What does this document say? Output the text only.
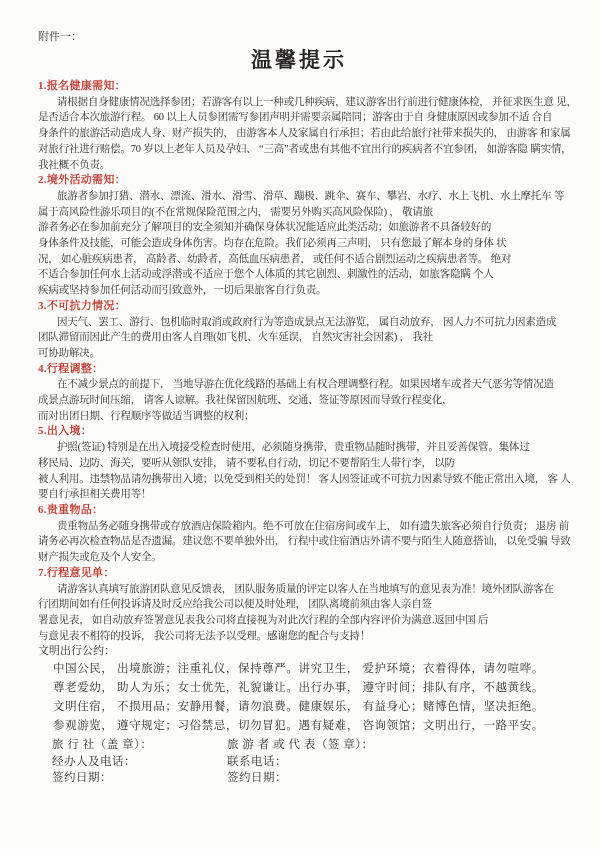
附件一：
温馨提示
1.报名健康需知：
请根据自身健康情况选择参团；若游客有以上一种或几种疾病，建议游客出行前进行健康体检， 并征求医生意 见，
是否适合本次旅游行程。 60 以上人员参团需写参团声明并需要亲属陪同；游客由于自 身健康原因或参加不适 合自
身条件的旅游活动造成人身、财产损失的， 由游客本人及家属自行承担；若由此给旅行社带来损失的， 由游客 和家属
对旅行社进行赔偿。70 岁以上老年人员及孕妇、 “三高”者或患有其他不宜出行的疾病者不宜参团， 如游客隐 瞒实情，
我社概不负责。
2.境外活动需知：
旅游者参加打猎、潜水、漂流、滑水、滑雪、滑草、蹦极、跳伞、赛车、攀岩、水疗、水上飞机、水上摩托车 等
属于高风险性游乐项目的(不在常规保险范围之内， 需要另外购买高风险保险) ， 敬请旅
游者务必在参加前充分了解项目的安全须知并确保身体状况能适应此类活动；如旅游者不具备较好的
身体条件及技能，可能会造成身体伤害。均存在危险。我们必须再三声明， 只有您最了解本身的身体 状
况， 如心脏疾病患者， 高龄者、幼龄者，高低血压病患者， 或任何不适合剧烈运动之疾病患者等。 绝对
不适合参加任何水上活动或浮潜或不适应于您个人体质的其它剧烈、刺激性的活动，如旅客隐瞒 个人
疾病或坚持参加任何活动而引致意外，一切后果旅客自行负责。
3.不可抗力情况：
因天气、罢工、游行、包机临时取消或政府行为等造成景点无法游览， 属自动放弃， 因人力不可抗力因素造成
团队滞留而因此产生的费用由客人自理(如飞机、火车延误， 自然灾害社会因素) ， 我社
可协助解决。
4.行程调整：
在不减少景点的前提下， 当地导游在优化线路的基础上有权合理调整行程。如果因堵车或者天气恶劣等情况造
成景点游玩时间压缩， 请客人谅解。我社保留因航班、交通、签证等原因而导致行程变化，
而对出团日期、行程顺序等做适当调整的权利；
5.出入境：
护照(签证) 特别是在出入境接受检查时使用，必须随身携带，贵重物品随时携带，并且妥善保管。集体过
移民局、边防、海关，要听从领队安排， 请不要私自行动，切记不要帮陌生人带行李， 以防
被人利用。违禁物品请勿携带出入境；以免受到相关的处罚！ 客人因签证或不可抗力因素导致不能正常出入境， 客 人
要自行承担相关费用等！
6.贵重物品：
贵重物品务必随身携带或存放酒店保险箱内。绝不可放在住宿房间或车上， 如有遗失旅客必须自行负责； 退房 前
请务必再次检查物品是否遗漏。建议您不要单独外出， 行程中或住宿酒店外请不要与陌生人随意搭讪， 以免受骗 导致
财产损失或危及个人安全。
7.行程意见单：
请游客认真填写旅游团队意见反馈表， 团队服务质量的评定以客人在当地填写的意见表为准！境外团队游客在
行团期间如有任何投诉请及时反应给我公司以便及时处理， 团队离境前须由客人亲自签
署意见表， 如自动放弃签署意见表我公司将直接视为对此次行程的全部内容评价为满意.返回中国 后
与意见表不相符的投诉， 我公司将无法予以受理。感谢您的配合与支持！
文明出行公约：
中国公民， 出境旅游；注重礼仪，保持尊严。讲究卫生， 爱护环境；衣着得体，请勿喧哗。
尊老爱幼， 助人为乐；女士优先，礼貌谦让。出行办事， 遵守时间；排队有序，不越黄线。
文明住宿， 不损用品；安静用餐，请勿浪费。健康娱乐， 有益身心；赌博色情，坚决拒绝。
参观游览， 遵守规定；习俗禁忌，切勿冒犯。遇有疑难， 咨询领馆；文明出行，一路平安。
旅 行 社（盖 章）：	旅 游 者 或 代 表（签 章）：
经办人及电话：	联系电话：
签约日期：	签约日期：
